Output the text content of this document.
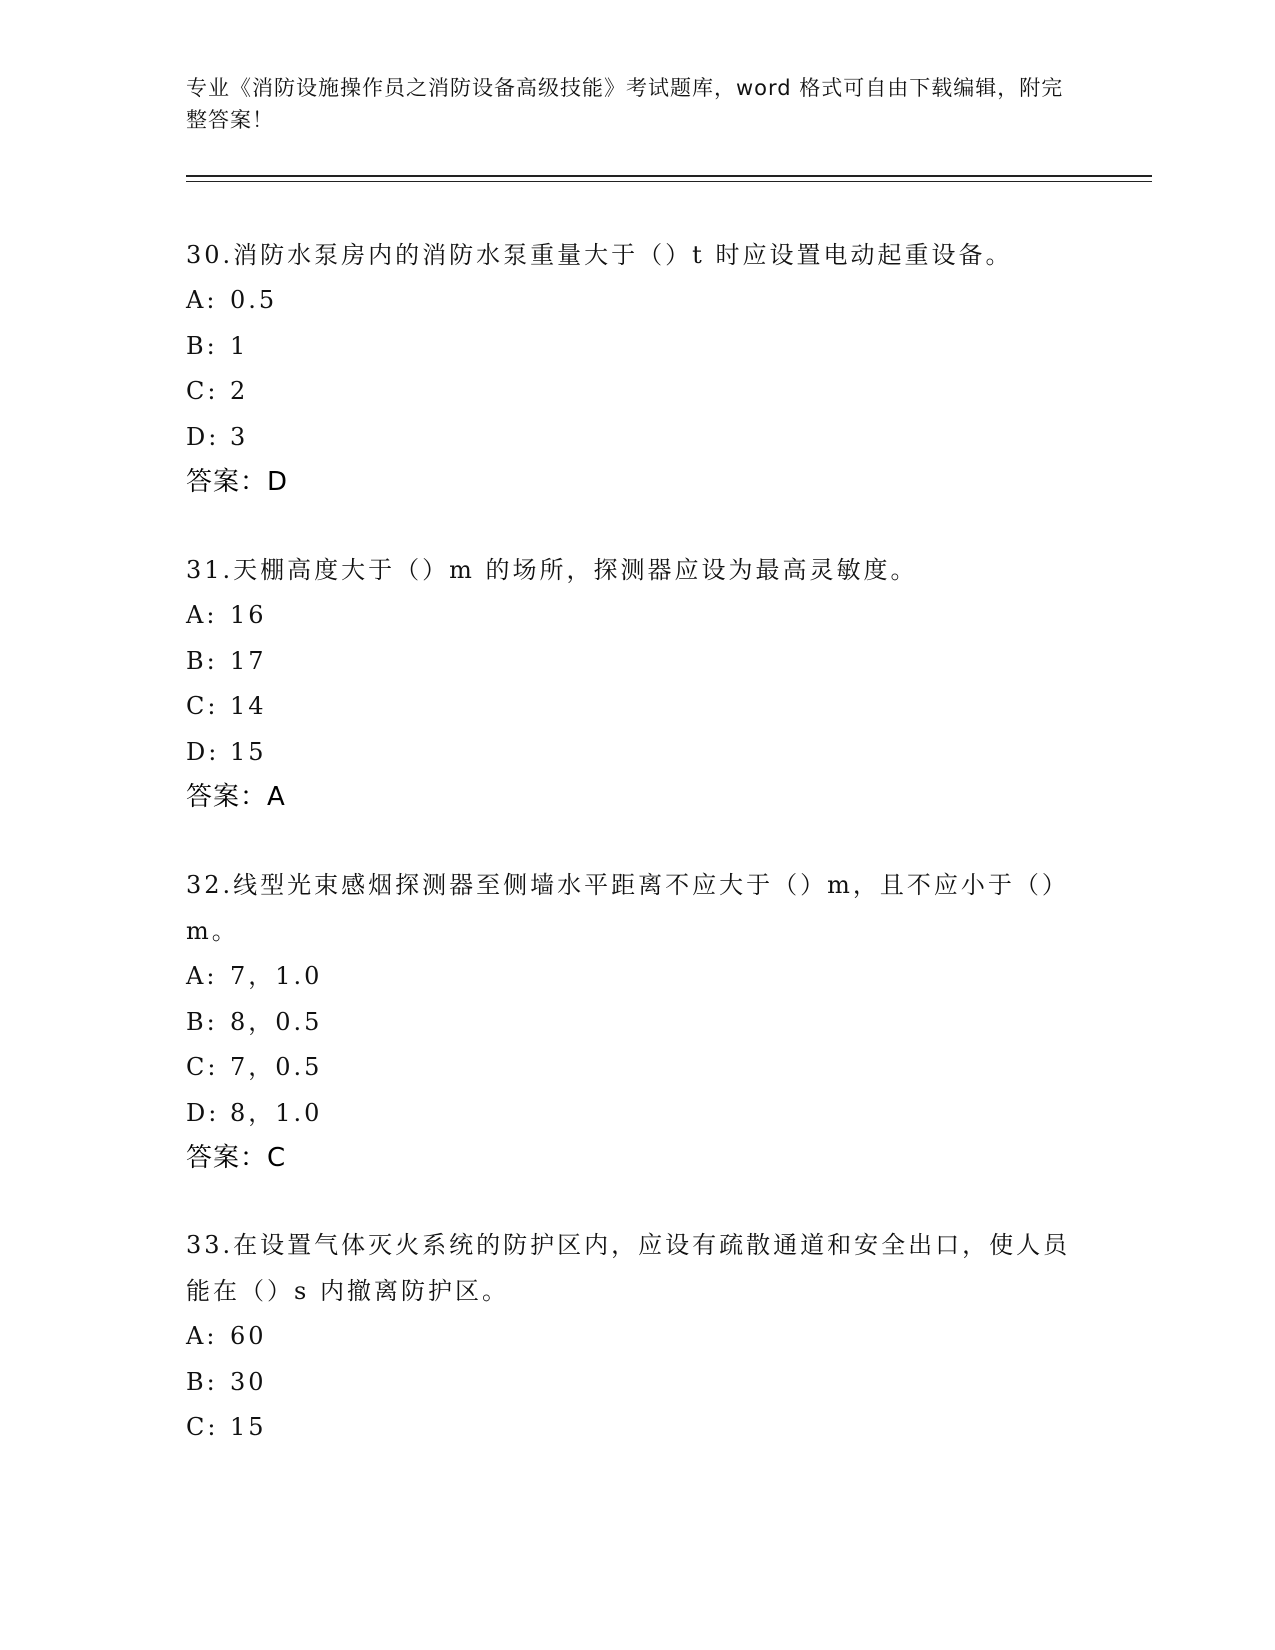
专业《消防设施操作员之消防设备高级技能》考试题库，word 格式可自由下载编辑，附完整答案！

30.消防水泵房内的消防水泵重量大于（）t 时应设置电动起重设备。

A: 0.5
B: 1
C: 2
D: 3
答案：D

31.天棚高度大于（）m 的场所，探测器应设为最高灵敏度。

A: 16
B: 17
C: 14
D: 15
答案：A

32.线型光束感烟探测器至侧墙水平距离不应大于（）m，且不应小于（）m。

A: 7，1.0
B: 8，0.5
C: 7，0.5
D: 8，1.0
答案：C

33.在设置气体灭火系统的防护区内，应设有疏散通道和安全出口，使人员能在（）s 内撤离防护区。

A: 60
B: 30
C: 15
